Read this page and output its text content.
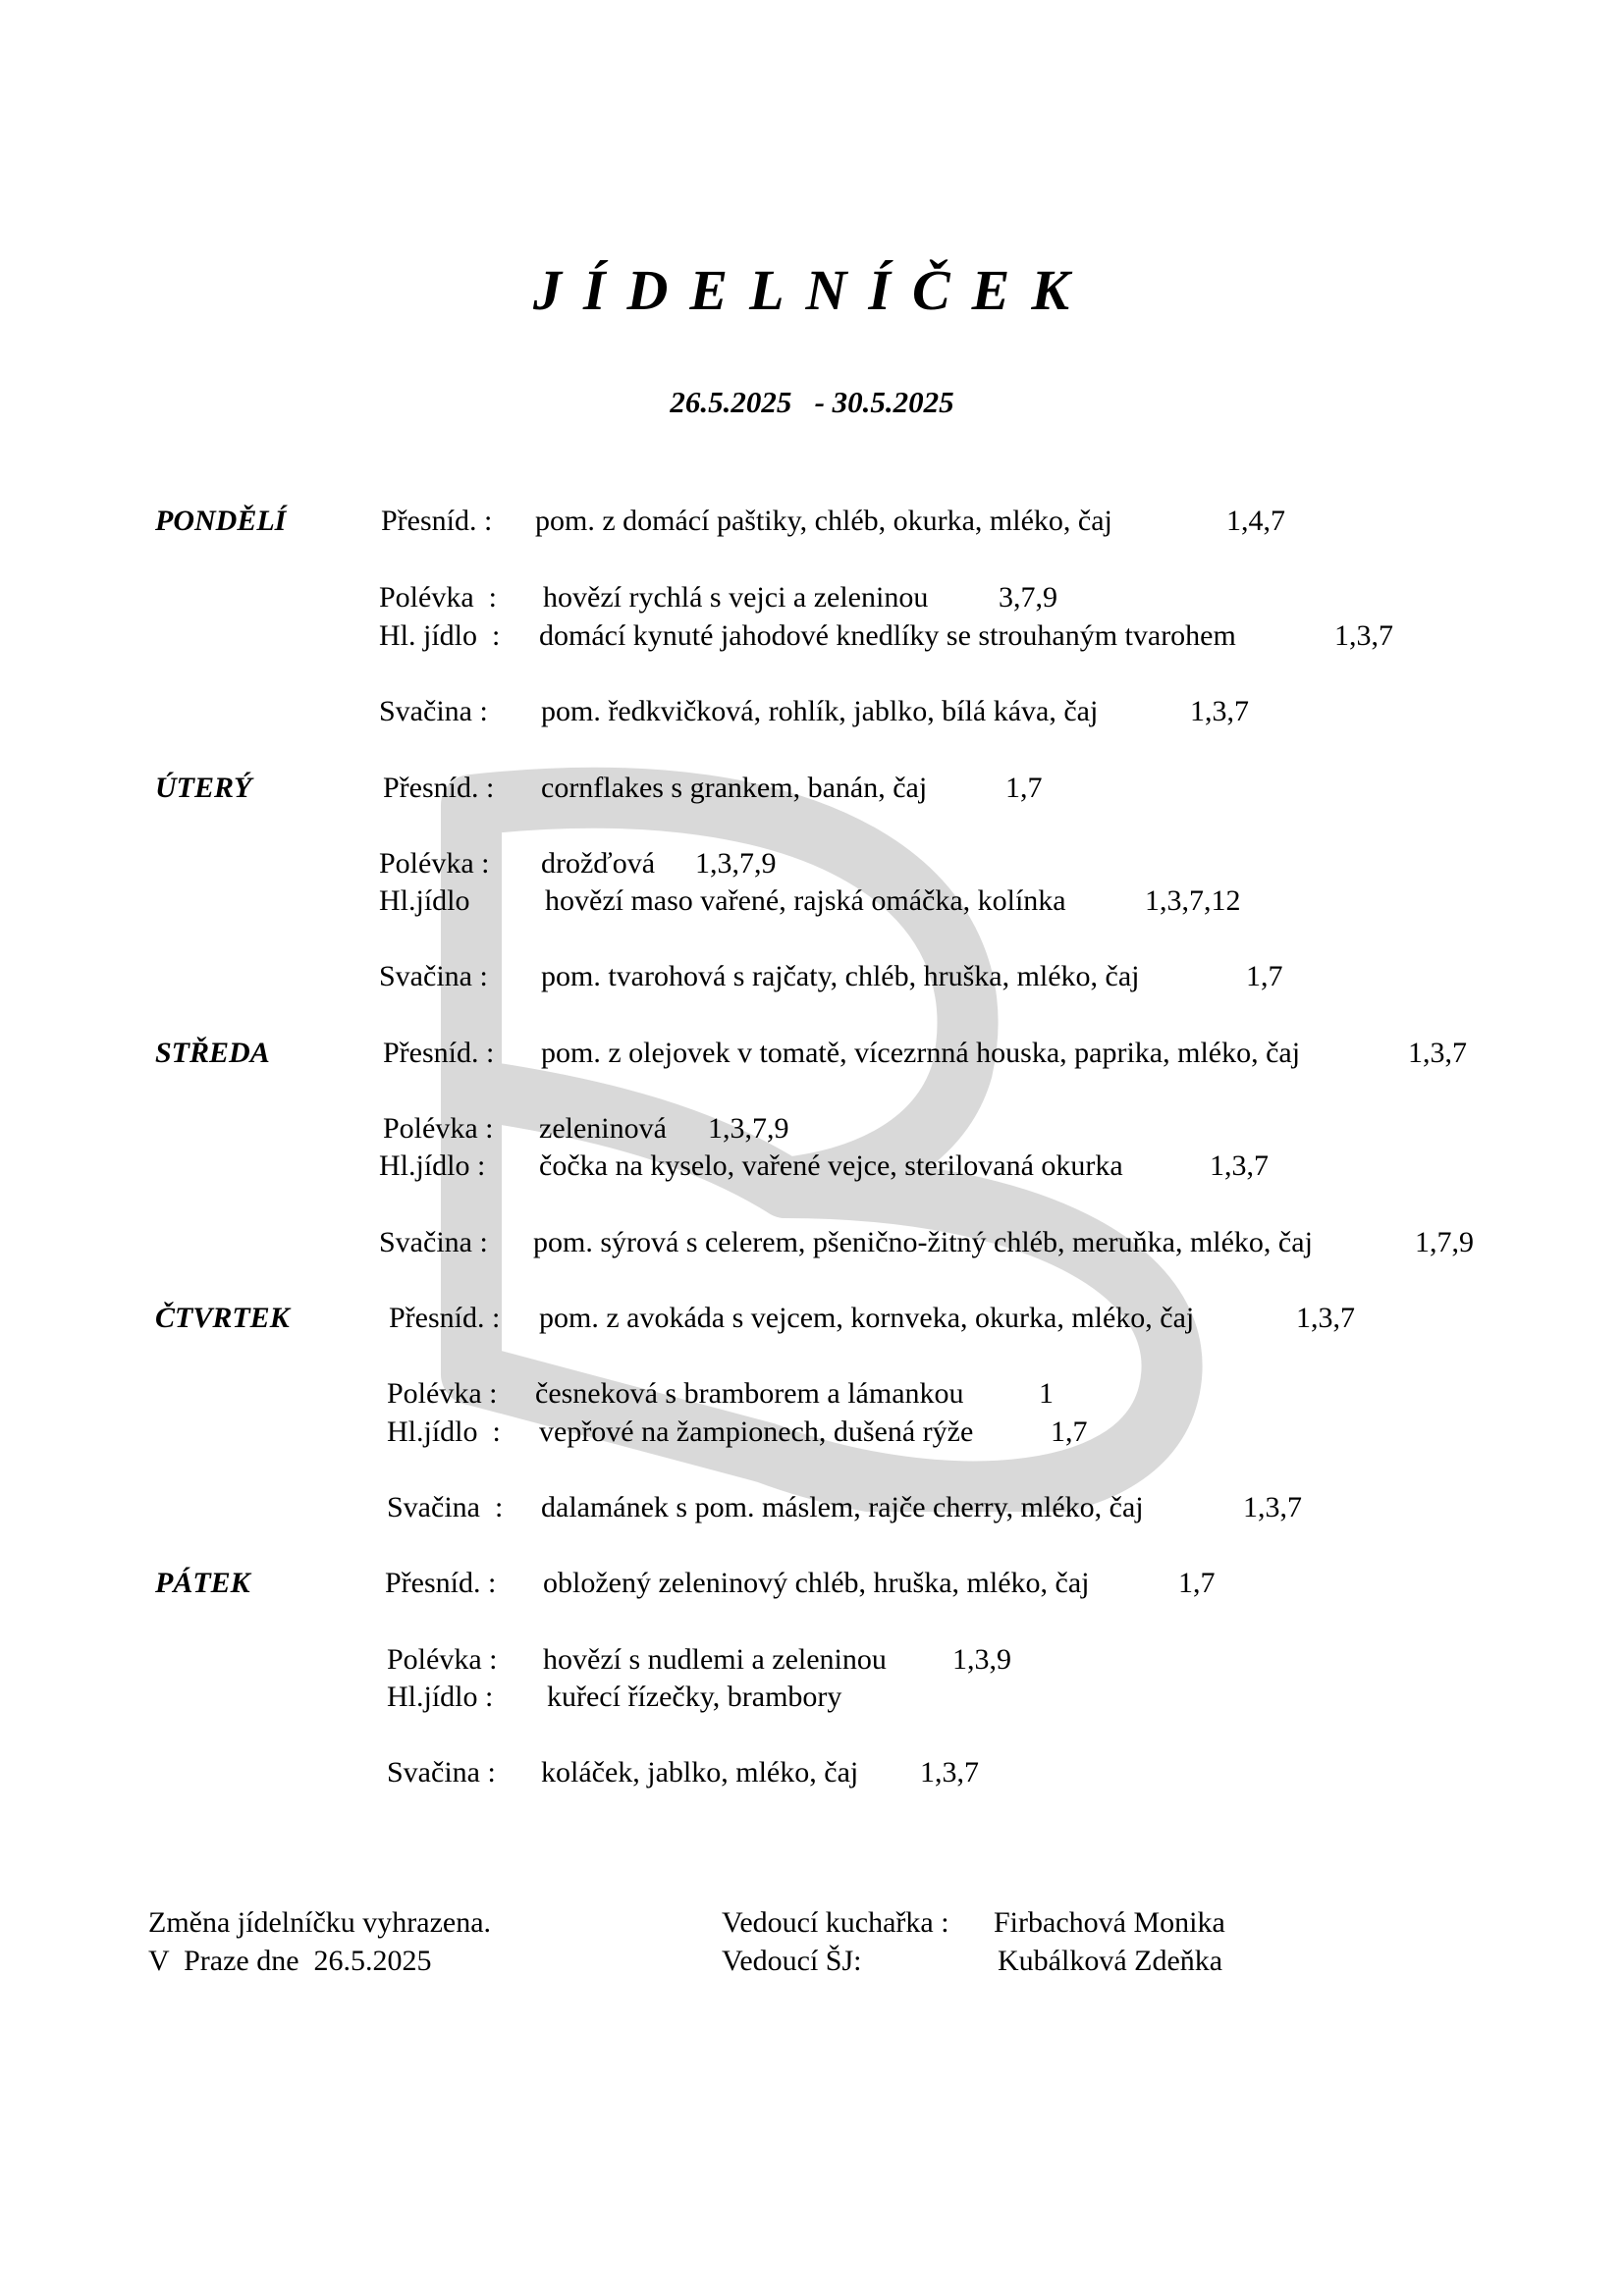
JÍDELNÍČEK
26.5.2025   - 30.5.2025
PONDĚLÍ	Přesníd. : pom. z domácí paštiky, chléb, okurka, mléko, čaj	1,4,7
Polévka  : hovězí rychlá s vejci a zeleninou 3,7,9
Hl. jídlo  : domácí kynuté jahodové knedlíky se strouhaným tvarohem	1,3,7
Svačina : pom. ředkvičková, rohlík, jablko, bílá káva, čaj	1,3,7
ÚTERÝ	Přesníd. : cornflakes s grankem, banán, čaj	1,7
Polévka : drožďová 1,3,7,9
Hl.jídlo	hovězí maso vařené, rajská omáčka, kolínka	1,3,7,12
Svačina : pom. tvarohová s rajčaty, chléb, hruška, mléko, čaj	1,7
STŘEDA	Přesníd. : pom. z olejovek v tomatě, vícezrnná houska, paprika, mléko, čaj	1,3,7
Polévka : zeleninová 1,3,7,9
Hl.jídlo : čočka na kyselo, vařené vejce, sterilovaná okurka	1,3,7
Svačina : pom. sýrová s celerem, pšeničnо-žitný chléb, meruňka, mléko, čaj	1,7,9
ČTVRTEK	Přesníd. : pom. z avokáda s vejcem, kornveka, okurka, mléko, čaj	1,3,7
Polévka : česneková s bramborem a lámankou	1
Hl.jídlo  : vepřové na žampionech, dušená rýže	1,7
Svačina  : dalamánek s pom. máslem, rajče cherry, mléko, čaj	1,3,7
PÁTEK	Přesníd. : obložený zeleninový chléb, hruška, mléko, čaj	1,7
Polévka : hovězí s nudlemi a zeleninou 1,3,9
Hl.jídlo : kuřecí řízečky, brambory
Svačina : koláček, jablko, mléko, čaj 1,3,7
Změna jídelníčku vyhrazena.
V  Praze dne  26.5.2025
Vedoucí kuchařka : Firbachová Monika
Vedoucí ŠJ:	Kubálková Zdeňka
